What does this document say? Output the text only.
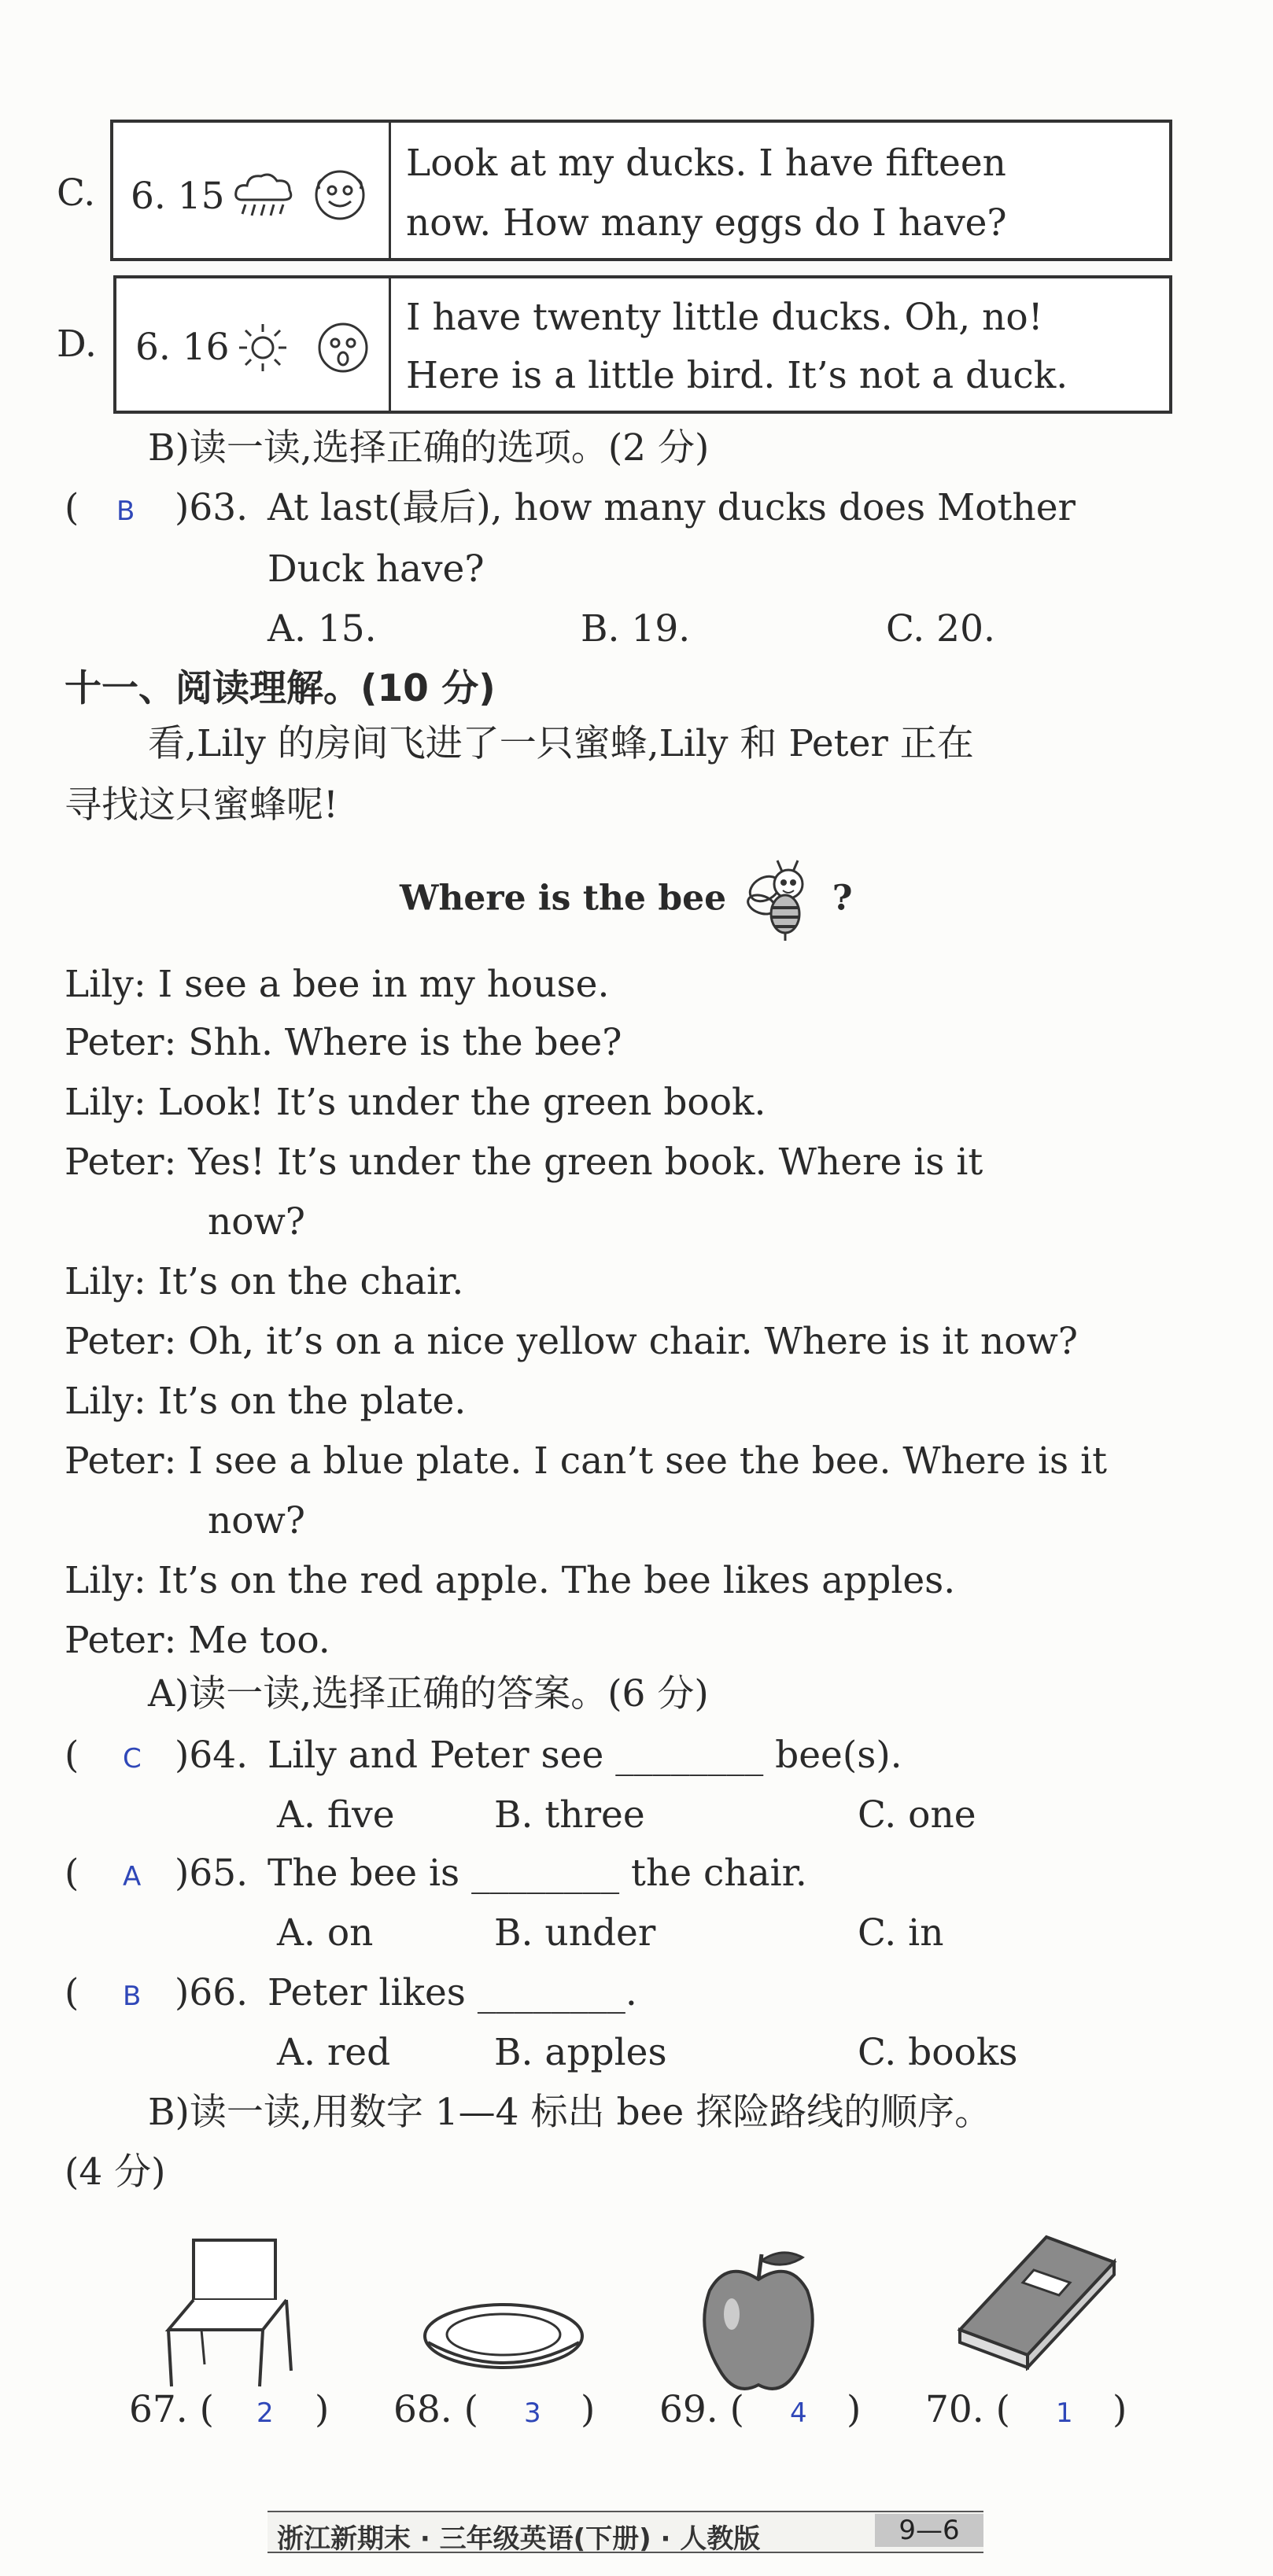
C. 6. 15
Look at my ducks. I have fifteen
now. How many eggs do I have?
D. 6. 16
I have twenty little ducks. Oh, no!
Here is a little bird. It’s not a duck.
B)读一读,选择正确的选项。(2 分)
( B )63. At last(最后), how many ducks does Mother
Duck have?
A. 15.	B. 19.	C. 20.
十一、阅读理解。(10 分)
看,Lily 的房间飞进了一只蜜蜂,Lily 和 Peter 正在
寻找这只蜜蜂呢!
Where is the bee	?
Lily: I see a bee in my house.
Peter: Shh. Where is the bee?
Lily: Look! It’s under the green book.
Peter: Yes! It’s under the green book. Where is it
now?
Lily: It’s on the chair.
Peter: Oh, it’s on a nice yellow chair. Where is it now?
Lily: It’s on the plate.
Peter: I see a blue plate. I can’t see the bee. Where is it
now?
Lily: It’s on the red apple. The bee likes apples.
Peter: Me too.
A)读一读,选择正确的答案。(6 分)
( C )64. Lily and Peter see ________ bee(s).
A. five	B. three	C. one
( A )65. The bee is ________ the chair.
A. on	B. under	C. in
( B )66. Peter likes ________.
A. red	B. apples	C. books
B)读一读,用数字 1—4 标出 bee 探险路线的顺序。
(4 分)
67. ( 2 ) 68. ( 3 ) 69. ( 4 ) 70. ( 1 )
浙江新期末 · 三年级英语(下册) · 人教版	9—6
